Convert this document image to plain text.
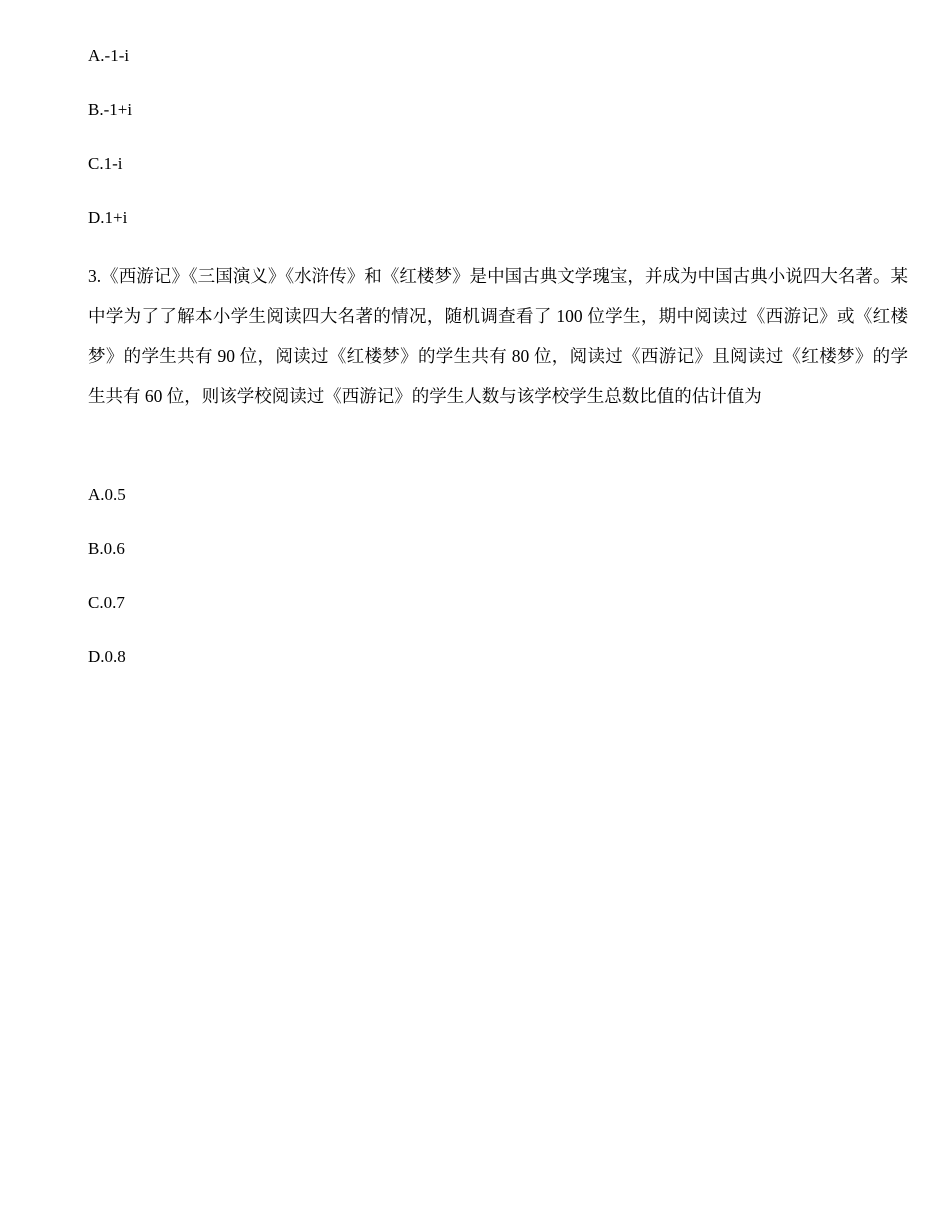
A.-1-i
B.-1+i
C.1-i
D.1+i
3.《西游记》《三国演义》《水浒传》和《红楼梦》是中国古典文学瑰宝，并成为中国古典小说四大名著。某中学为了了解本小学生阅读四大名著的情况，随机调查看了 100 位学生，期中阅读过《西游记》或《红楼梦》的学生共有 90 位，阅读过《红楼梦》的学生共有 80 位，阅读过《西游记》且阅读过《红楼梦》的学生共有 60 位，则该学校阅读过《西游记》的学生人数与该学校学生总数比值的估计值为
A.0.5
B.0.6
C.0.7
D.0.8
